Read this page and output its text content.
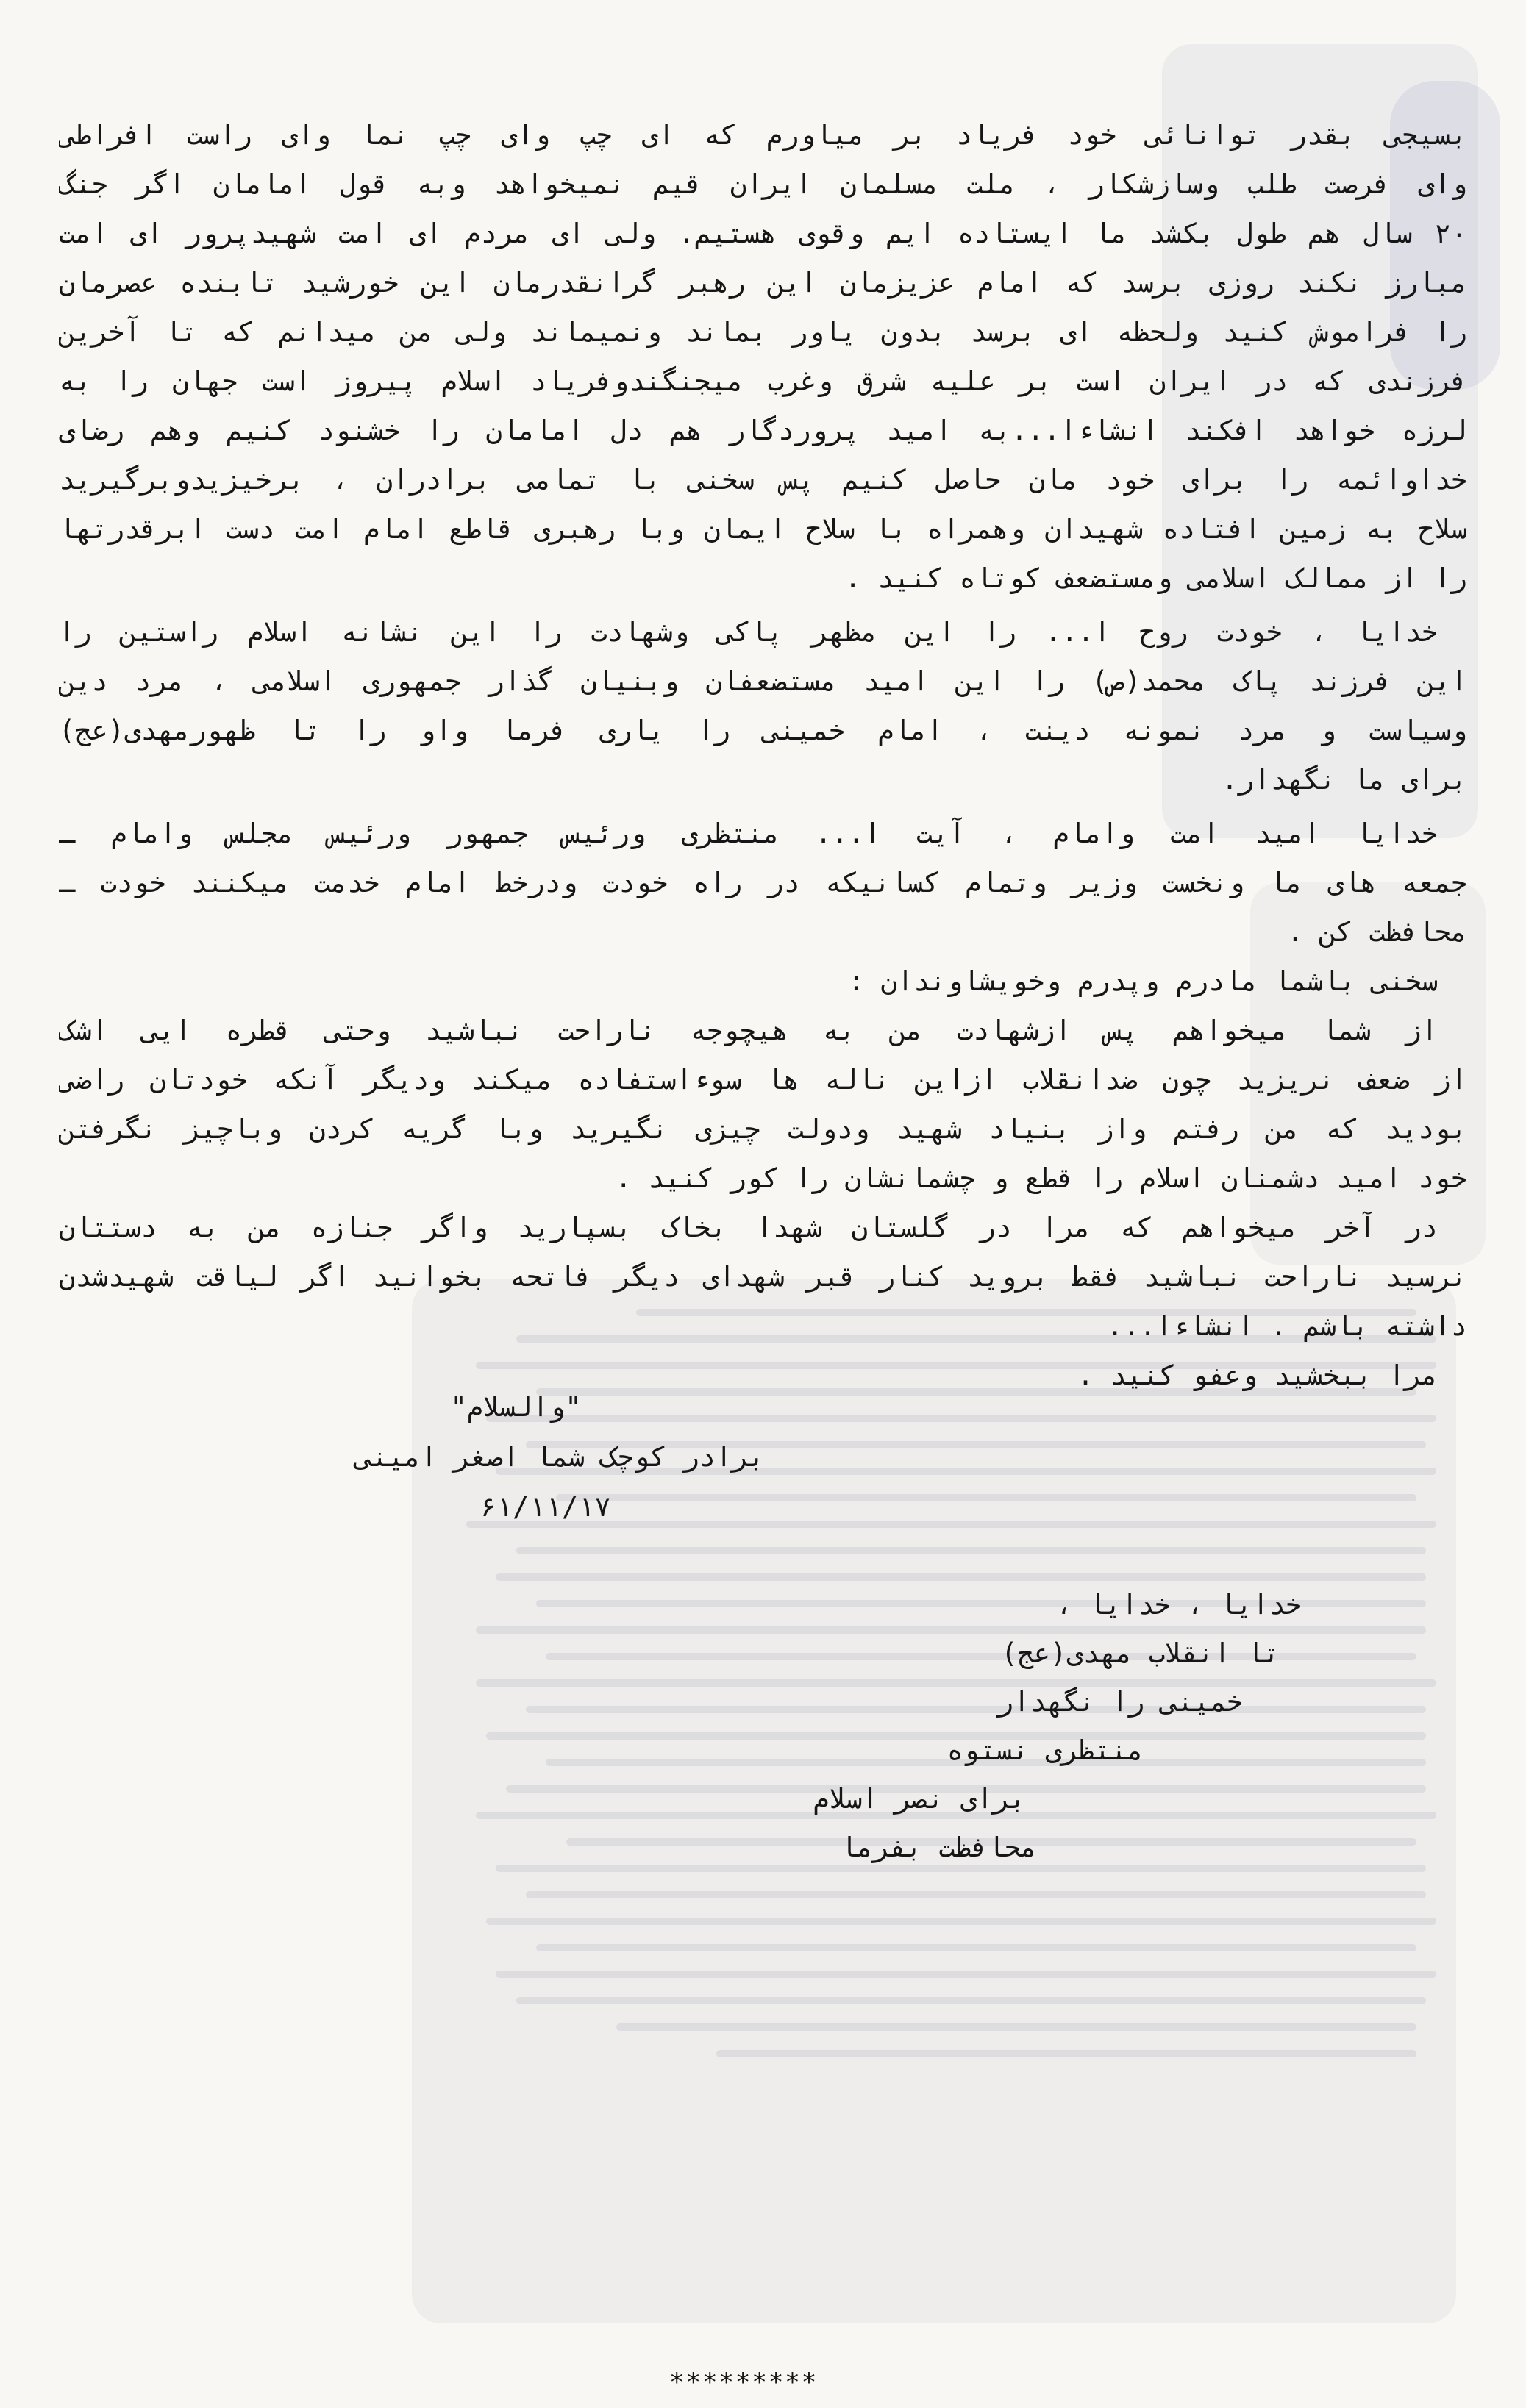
بسیجی بقدر توانائی خود فریاد بر میاورم که ای چپ وای چپ نما وای راست افراطی
وای فرصت طلب وسازشکار ، ملت مسلمان ایران قیم نمیخواهد وبه قول امامان اگر جنگ
۲۰ سال هم طول بکشد ما ایستاده ایم وقوی هستیم. ولی ای مردم ای امت شهیدپرور ای امت
مبارز نکند روزی برسد که امام عزیزمان این رهبر گرانقدرمان این خورشید تابنده عصرمان
را فراموش کنید ولحظه ای برسد بدون یاور بماند ونمیماند ولی من میدانم که تا آخرین
فرزندی که در ایران است بر علیه شرق وغرب میجنگندوفریاد اسلام پیروز است جهان را به
لرزه خواهد افکند انشاءا...به امید پروردگار هم دل امامان را خشنود کنیم وهم رضای
خداوائمه را برای خود مان حاصل کنیم پس سخنی با تمامی برادران ، برخیزیدوبرگیرید
سلاح به زمین افتاده شهیدان وهمراه با سلاح ایمان وبا رهبری قاطع امام امت دست ابرقدرتها
را از ممالک اسلامی ومستضعف کوتاه کنید .
خدایا ، خودت روح ا... را این مظهر پاکی وشهادت را این نشانه اسلام راستین را
این فرزند پاک محمد(ص) را این امید مستضعفان وبنیان گذار جمهوری اسلامی ، مرد دین
وسیاست و مرد نمونه دینت ، امام خمینی را یاری فرما واو را تا ظهورمهدی(عج)
برای ما نگهدار.
خدایا امید امت وامام ، آیت ا... منتظری ورئیس جمهور ورئیس مجلس وامام ـ
جمعه های ما ونخست وزیر وتمام کسانیکه در راه خودت ودرخط امام خدمت میکنند خودت ـ
محافظت کن .
سخنی باشما مادرم وپدرم وخویشاوندان :
از شما میخواهم پس ازشهادت من به هیچوجه ناراحت نباشید وحتی قطره ایی اشک
از ضعف نریزید چون ضدانقلاب ازاین ناله ها سوءاستفاده میکند ودیگر آنکه خودتان راضی
بودید که من رفتم واز بنیاد شهید ودولت چیزی نگیرید وبا گریه کردن وباچیز نگرفتن
خود امید دشمنان اسلام را قطع و چشمانشان را کور کنید .
در آخر میخواهم که مرا در گلستان شهدا بخاک بسپارید واگر جنازه من به دستتان
نرسید ناراحت نباشید فقط بروید کنار قبر شهدای دیگر فاتحه بخوانید اگر لیاقت شهیدشدن
داشته باشم . انشاءا...
مرا ببخشید وعفو کنید .
"والسلام"
برادر کوچک شما اصغر امینی
۶۱/۱۱/۱۷
خدایا ، خدایا ،
تا انقلاب مهدی(عج)
خمینی را نگهدار
منتظری نستوه
برای نصر اسلام
محافظت بفرما
*********
